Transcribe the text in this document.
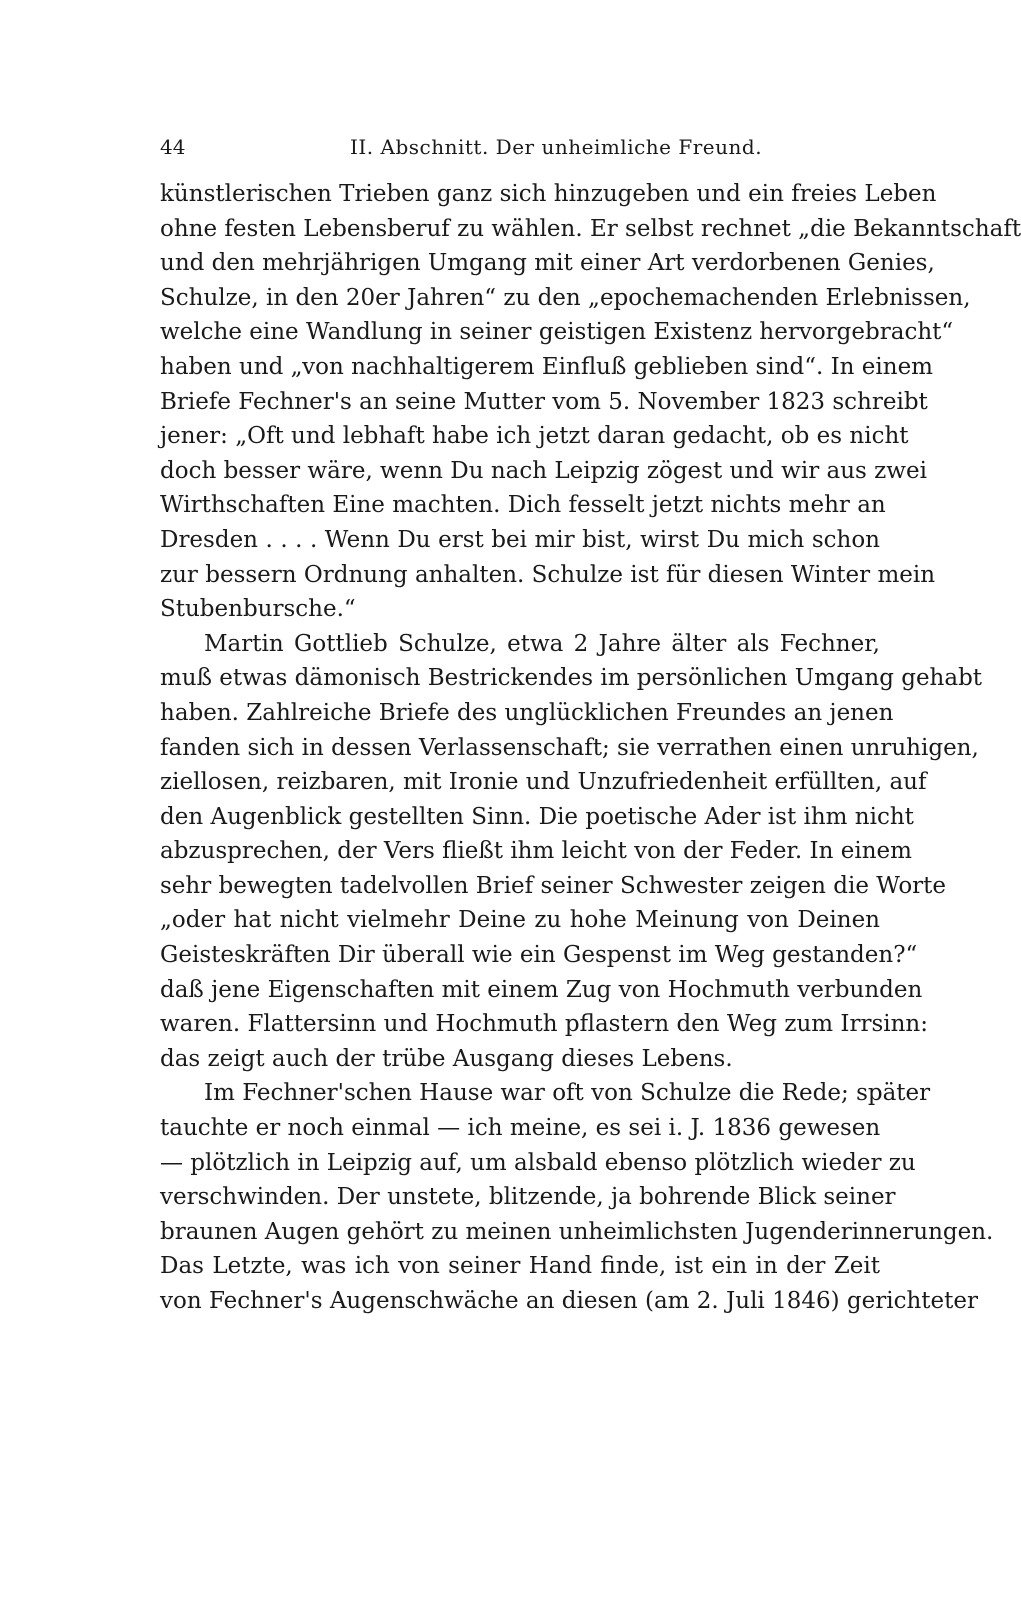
44	II. Abschnitt. Der unheimliche Freund.
künstlerischen Trieben ganz sich hinzugeben und ein freies Leben
ohne festen Lebensberuf zu wählen. Er selbst rechnet „die Bekanntschaft
und den mehrjährigen Umgang mit einer Art verdorbenen Genies,
Schulze, in den 20er Jahren“ zu den „epochemachenden Erlebnissen,
welche eine Wandlung in seiner geistigen Existenz hervorgebracht“
haben und „von nachhaltigerem Einfluß geblieben sind“. In einem
Briefe Fechner's an seine Mutter vom 5. November 1823 schreibt
jener: „Oft und lebhaft habe ich jetzt daran gedacht, ob es nicht
doch besser wäre, wenn Du nach Leipzig zögest und wir aus zwei
Wirthschaften Eine machten. Dich fesselt jetzt nichts mehr an
Dresden . . . . Wenn Du erst bei mir bist, wirst Du mich schon
zur bessern Ordnung anhalten. Schulze ist für diesen Winter mein
Stubenbursche.“
Martin Gottlieb Schulze, etwa 2 Jahre älter als Fechner,
muß etwas dämonisch Bestrickendes im persönlichen Umgang gehabt
haben. Zahlreiche Briefe des unglücklichen Freundes an jenen
fanden sich in dessen Verlassenschaft; sie verrathen einen unruhigen,
ziellosen, reizbaren, mit Ironie und Unzufriedenheit erfüllten, auf
den Augenblick gestellten Sinn. Die poetische Ader ist ihm nicht
abzusprechen, der Vers fließt ihm leicht von der Feder. In einem
sehr bewegten tadelvollen Brief seiner Schwester zeigen die Worte
„oder hat nicht vielmehr Deine zu hohe Meinung von Deinen
Geisteskräften Dir überall wie ein Gespenst im Weg gestanden?“
daß jene Eigenschaften mit einem Zug von Hochmuth verbunden
waren. Flattersinn und Hochmuth pflastern den Weg zum Irrsinn:
das zeigt auch der trübe Ausgang dieses Lebens.
Im Fechner'schen Hause war oft von Schulze die Rede; später
tauchte er noch einmal — ich meine, es sei i. J. 1836 gewesen
— plötzlich in Leipzig auf, um alsbald ebenso plötzlich wieder zu
verschwinden. Der unstete, blitzende, ja bohrende Blick seiner
braunen Augen gehört zu meinen unheimlichsten Jugenderinnerungen.
Das Letzte, was ich von seiner Hand finde, ist ein in der Zeit
von Fechner's Augenschwäche an diesen (am 2. Juli 1846) gerichteter
